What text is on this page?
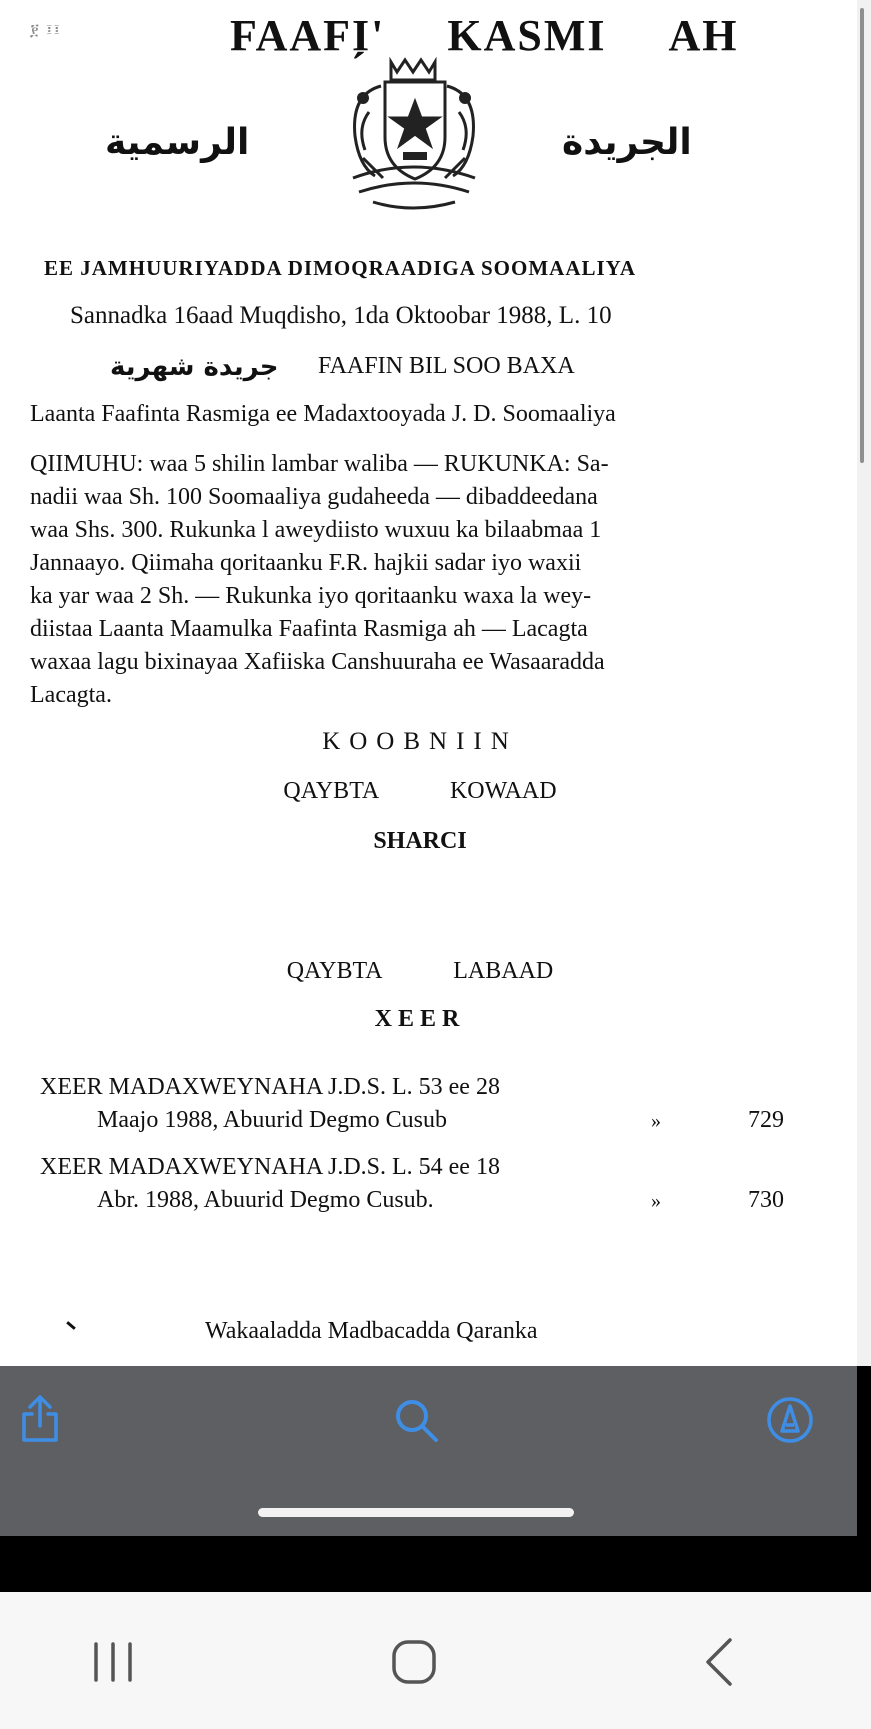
፻ ፤፤	FAAFI̗' KASMI AH
الرسمية	الجريدة
EE JAMHUURIYADDA DIMOQRAADIGA SOOMAALIYA
Sannadka 16aad Muqdisho, 1da Oktoobar 1988, L. 10
جريدة شهرية FAAFIN BIL SOO BAXA
Laanta Faafinta Rasmiga ee Madaxtooyada J. D. Soomaaliya
QIIMUHU: waa 5 shilin lambar waliba — RUKUNKA: Sa-
nadii waa Sh. 100 Soomaaliya gudaheeda — dibaddeedana
waa Shs. 300. Rukunka l aweydiisto wuxuu ka bilaabmaa 1
Jannaayo. Qiimaha qoritaanku F.R. hajkii sadar iyo waxii
ka yar waa 2 Sh. — Rukunka iyo qoritaanku waxa la wey-
diistaa Laanta Maamulka Faafinta Rasmiga ah — Lacagta
waxaa lagu bixinayaa Xafiiska Canshuuraha ee Wasaaradda
Lacagta.
KOOBNIIN
QAYBTA KOWAAD
SHARCI
QAYBTA LABAAD
XEER
XEER MADAXWEYNAHA J.D.S. L. 53 ee 28
Maajo 1988, Abuurid Degmo Cusub	»	729
XEER MADAXWEYNAHA J.D.S. L. 54 ee 18
Abr. 1988, Abuurid Degmo Cusub.	»	730
Wakaaladda Madbacadda Qaranka
